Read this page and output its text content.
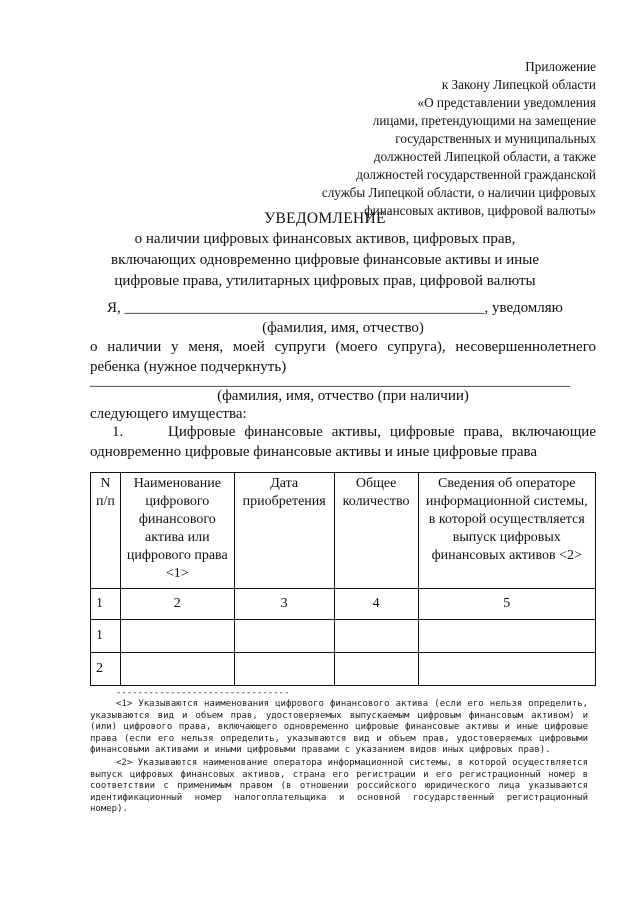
Приложение
к Закону Липецкой области
«О представлении уведомления
лицами, претендующими на замещение
государственных и муниципальных
должностей Липецкой области, а также
должностей государственной гражданской
службы Липецкой области, о наличии цифровых
финансовых активов, цифровой валюты»
УВЕДОМЛЕНИЕ
о наличии цифровых финансовых активов, цифровых прав,
включающих одновременно цифровые финансовые активы и иные
цифровые права, утилитарных цифровых прав, цифровой валюты
Я, ________________________________________________, уведомляю
(фамилия, имя, отчество)
о наличии у меня, моей супруги (моего супруга), несовершеннолетнего ребенка (нужное подчеркнуть)
________________________________________________________________
(фамилия, имя, отчество (при наличии)
следующего имущества:
1.	Цифровые финансовые активы, цифровые права, включающие одновременно цифровые финансовые активы и иные цифровые права
N п/п	Наименование цифрового финансового актива или цифрового права <1>	Дата приобретения	Общее количество	Сведения об операторе информационной системы, в которой осуществляется выпуск цифровых финансовых активов <2>
1	2	3	4	5
1				
2				
--------------------------------

<1> Указываются наименования цифрового финансового актива (если его нельзя определить, указываются вид и объем прав, удостоверяемых выпускаемым цифровым финансовым активом) и (или) цифрового права, включающего одновременно цифровые финансовые активы и иные цифровые права (если его нельзя определить, указываются вид и объем прав, удостоверяемых цифровыми финансовыми активами и иными цифровыми правами с указанием видов иных цифровых прав).

<2> Указываются наименование оператора информационной системы, в которой осуществляется выпуск цифровых финансовых активов, страна его регистрации и его регистрационный номер в соответствии с применимым правом (в отношении российского юридического лица указываются идентификационный номер налогоплательщика и основной государственный регистрационный номер).
